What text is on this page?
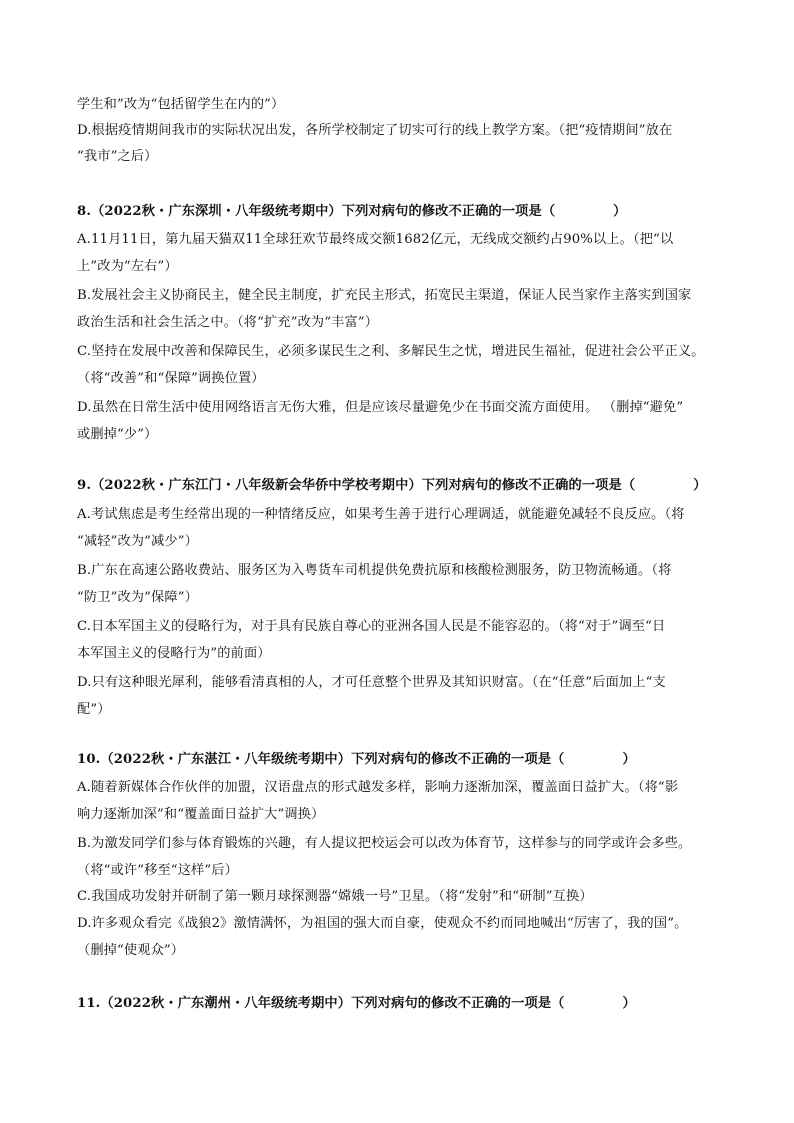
学生和”改为“包括留学生在内的”）
D.根据疫情期间我市的实际状况出发，各所学校制定了切实可行的线上教学方案。（把“疫情期间”放在
“我市”之后）
8.（2022秋・广东深圳・八年级统考期中）下列对病句的修改不正确的一项是（	）
A.11月11日，第九届天猫双11全球狂欢节最终成交额1682亿元，无线成交额约占90%以上。（把“以
上”改为“左右”）
B.发展社会主义协商民主，健全民主制度，扩充民主形式，拓宽民主渠道，保证人民当家作主落实到国家
政治生活和社会生活之中。（将“扩充”改为“丰富”）
C.坚持在发展中改善和保障民生，必须多谋民生之利、多解民生之忧，增进民生福祉，促进社会公平正义。
（将“改善”和“保障”调换位置）
D.虽然在日常生活中使用网络语言无伤大雅，但是应该尽量避免少在书面交流方面使用。 （删掉“避免”
或删掉“少”）
9.（2022秋・广东江门・八年级新会华侨中学校考期中）下列对病句的修改不正确的一项是（	）
A.考试焦虑是考生经常出现的一种情绪反应，如果考生善于进行心理调适，就能避免减轻不良反应。（将
“减轻”改为“减少”）
B.广东在高速公路收费站、服务区为入粤货车司机提供免费抗原和核酸检测服务，防卫物流畅通。（将
“防卫”改为“保障”）
C.日本军国主义的侵略行为，对于具有民族自尊心的亚洲各国人民是不能容忍的。（将“对于”调至“日
本军国主义的侵略行为”的前面）
D.只有这种眼光犀利，能够看清真相的人，才可任意整个世界及其知识财富。（在“任意”后面加上“支
配”）
10.（2022秋・广东湛江・八年级统考期中）下列对病句的修改不正确的一项是（	）
A.随着新媒体合作伙伴的加盟，汉语盘点的形式越发多样，影响力逐渐加深，覆盖面日益扩大。（将“影
响力逐渐加深”和“覆盖面日益扩大”调换）
B.为激发同学们参与体育锻炼的兴趣，有人提议把校运会可以改为体育节，这样参与的同学或许会多些。
（将“或许”移至“这样”后）
C.我国成功发射并研制了第一颗月球探测器“嫦娥一号”卫星。（将“发射”和“研制”互换）
D.许多观众看完《战狼2》激情满怀，为祖国的强大而自豪，使观众不约而同地喊出“厉害了，我的国”。
（删掉“使观众”）
11.（2022秋・广东潮州・八年级统考期中）下列对病句的修改不正确的一项是（	）
